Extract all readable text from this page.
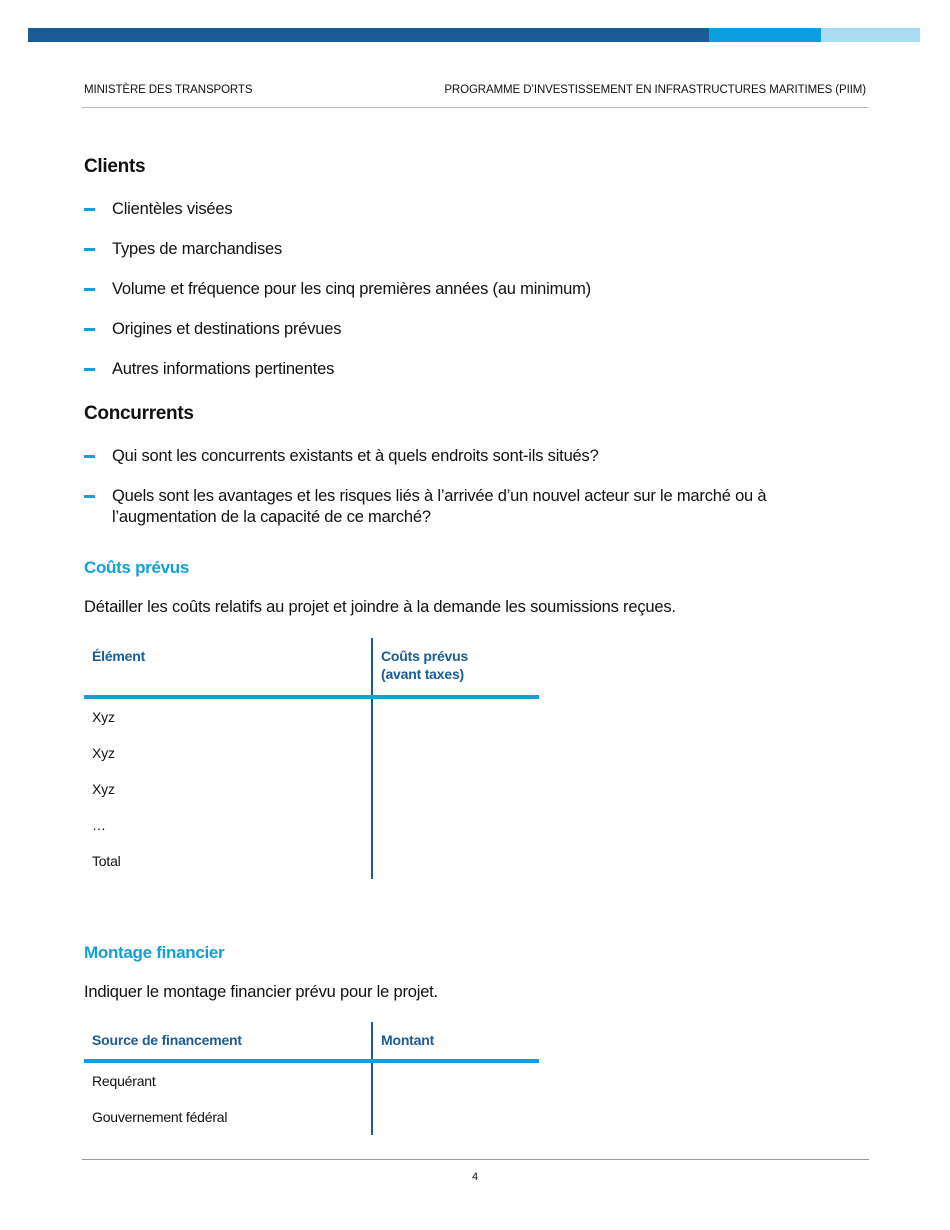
MINISTÈRE DES TRANSPORTS	PROGRAMME D’INVESTISSEMENT EN INFRASTRUCTURES MARITIMES (PIIM)
Clients
Clientèles visées
Types de marchandises
Volume et fréquence pour les cinq premières années (au minimum)
Origines et destinations prévues
Autres informations pertinentes
Concurrents
Qui sont les concurrents existants et à quels endroits sont-ils situés?
Quels sont les avantages et les risques liés à l’arrivée d’un nouvel acteur sur le marché ou à l’augmentation de la capacité de ce marché?
Coûts prévus
Détailler les coûts relatifs au projet et joindre à la demande les soumissions reçues.
Élément	Coûts prévus
(avant taxes)
Xyz	
Xyz	
Xyz	
…	
Total	
Montage financier
Indiquer le montage financier prévu pour le projet.
Source de financement	Montant
Requérant	
Gouvernement fédéral	
4
